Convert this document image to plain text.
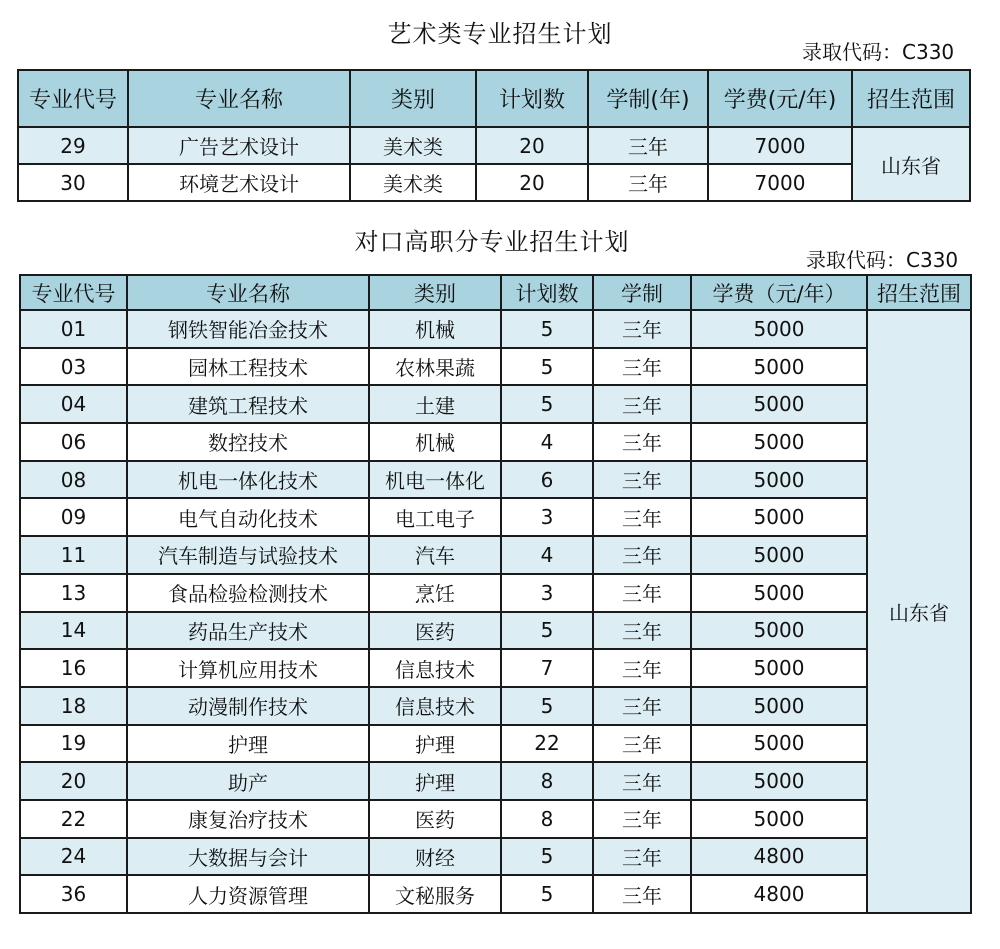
艺术类专业招生计划
录取代码：C330
专业代号	专业名称	类别	计划数	学制(年)	学费(元/年)	招生范围
29	广告艺术设计	美术类	20	三年	7000	山东省
30	环境艺术设计	美术类	20	三年	7000	
对口高职分专业招生计划
录取代码：C330
专业代号	专业名称	类别	计划数	学制	学费（元/年）	招生范围
01	钢铁智能冶金技术	机械	5	三年	5000	山东省
03	园林工程技术	农林果蔬	5	三年	5000	
04	建筑工程技术	土建	5	三年	5000	
06	数控技术	机械	4	三年	5000	
08	机电一体化技术	机电一体化	6	三年	5000	
09	电气自动化技术	电工电子	3	三年	5000	
11	汽车制造与试验技术	汽车	4	三年	5000	
13	食品检验检测技术	烹饪	3	三年	5000	
14	药品生产技术	医药	5	三年	5000	
16	计算机应用技术	信息技术	7	三年	5000	
18	动漫制作技术	信息技术	5	三年	5000	
19	护理	护理	22	三年	5000	
20	助产	护理	8	三年	5000	
22	康复治疗技术	医药	8	三年	5000	
24	大数据与会计	财经	5	三年	4800	
36	人力资源管理	文秘服务	5	三年	4800	
